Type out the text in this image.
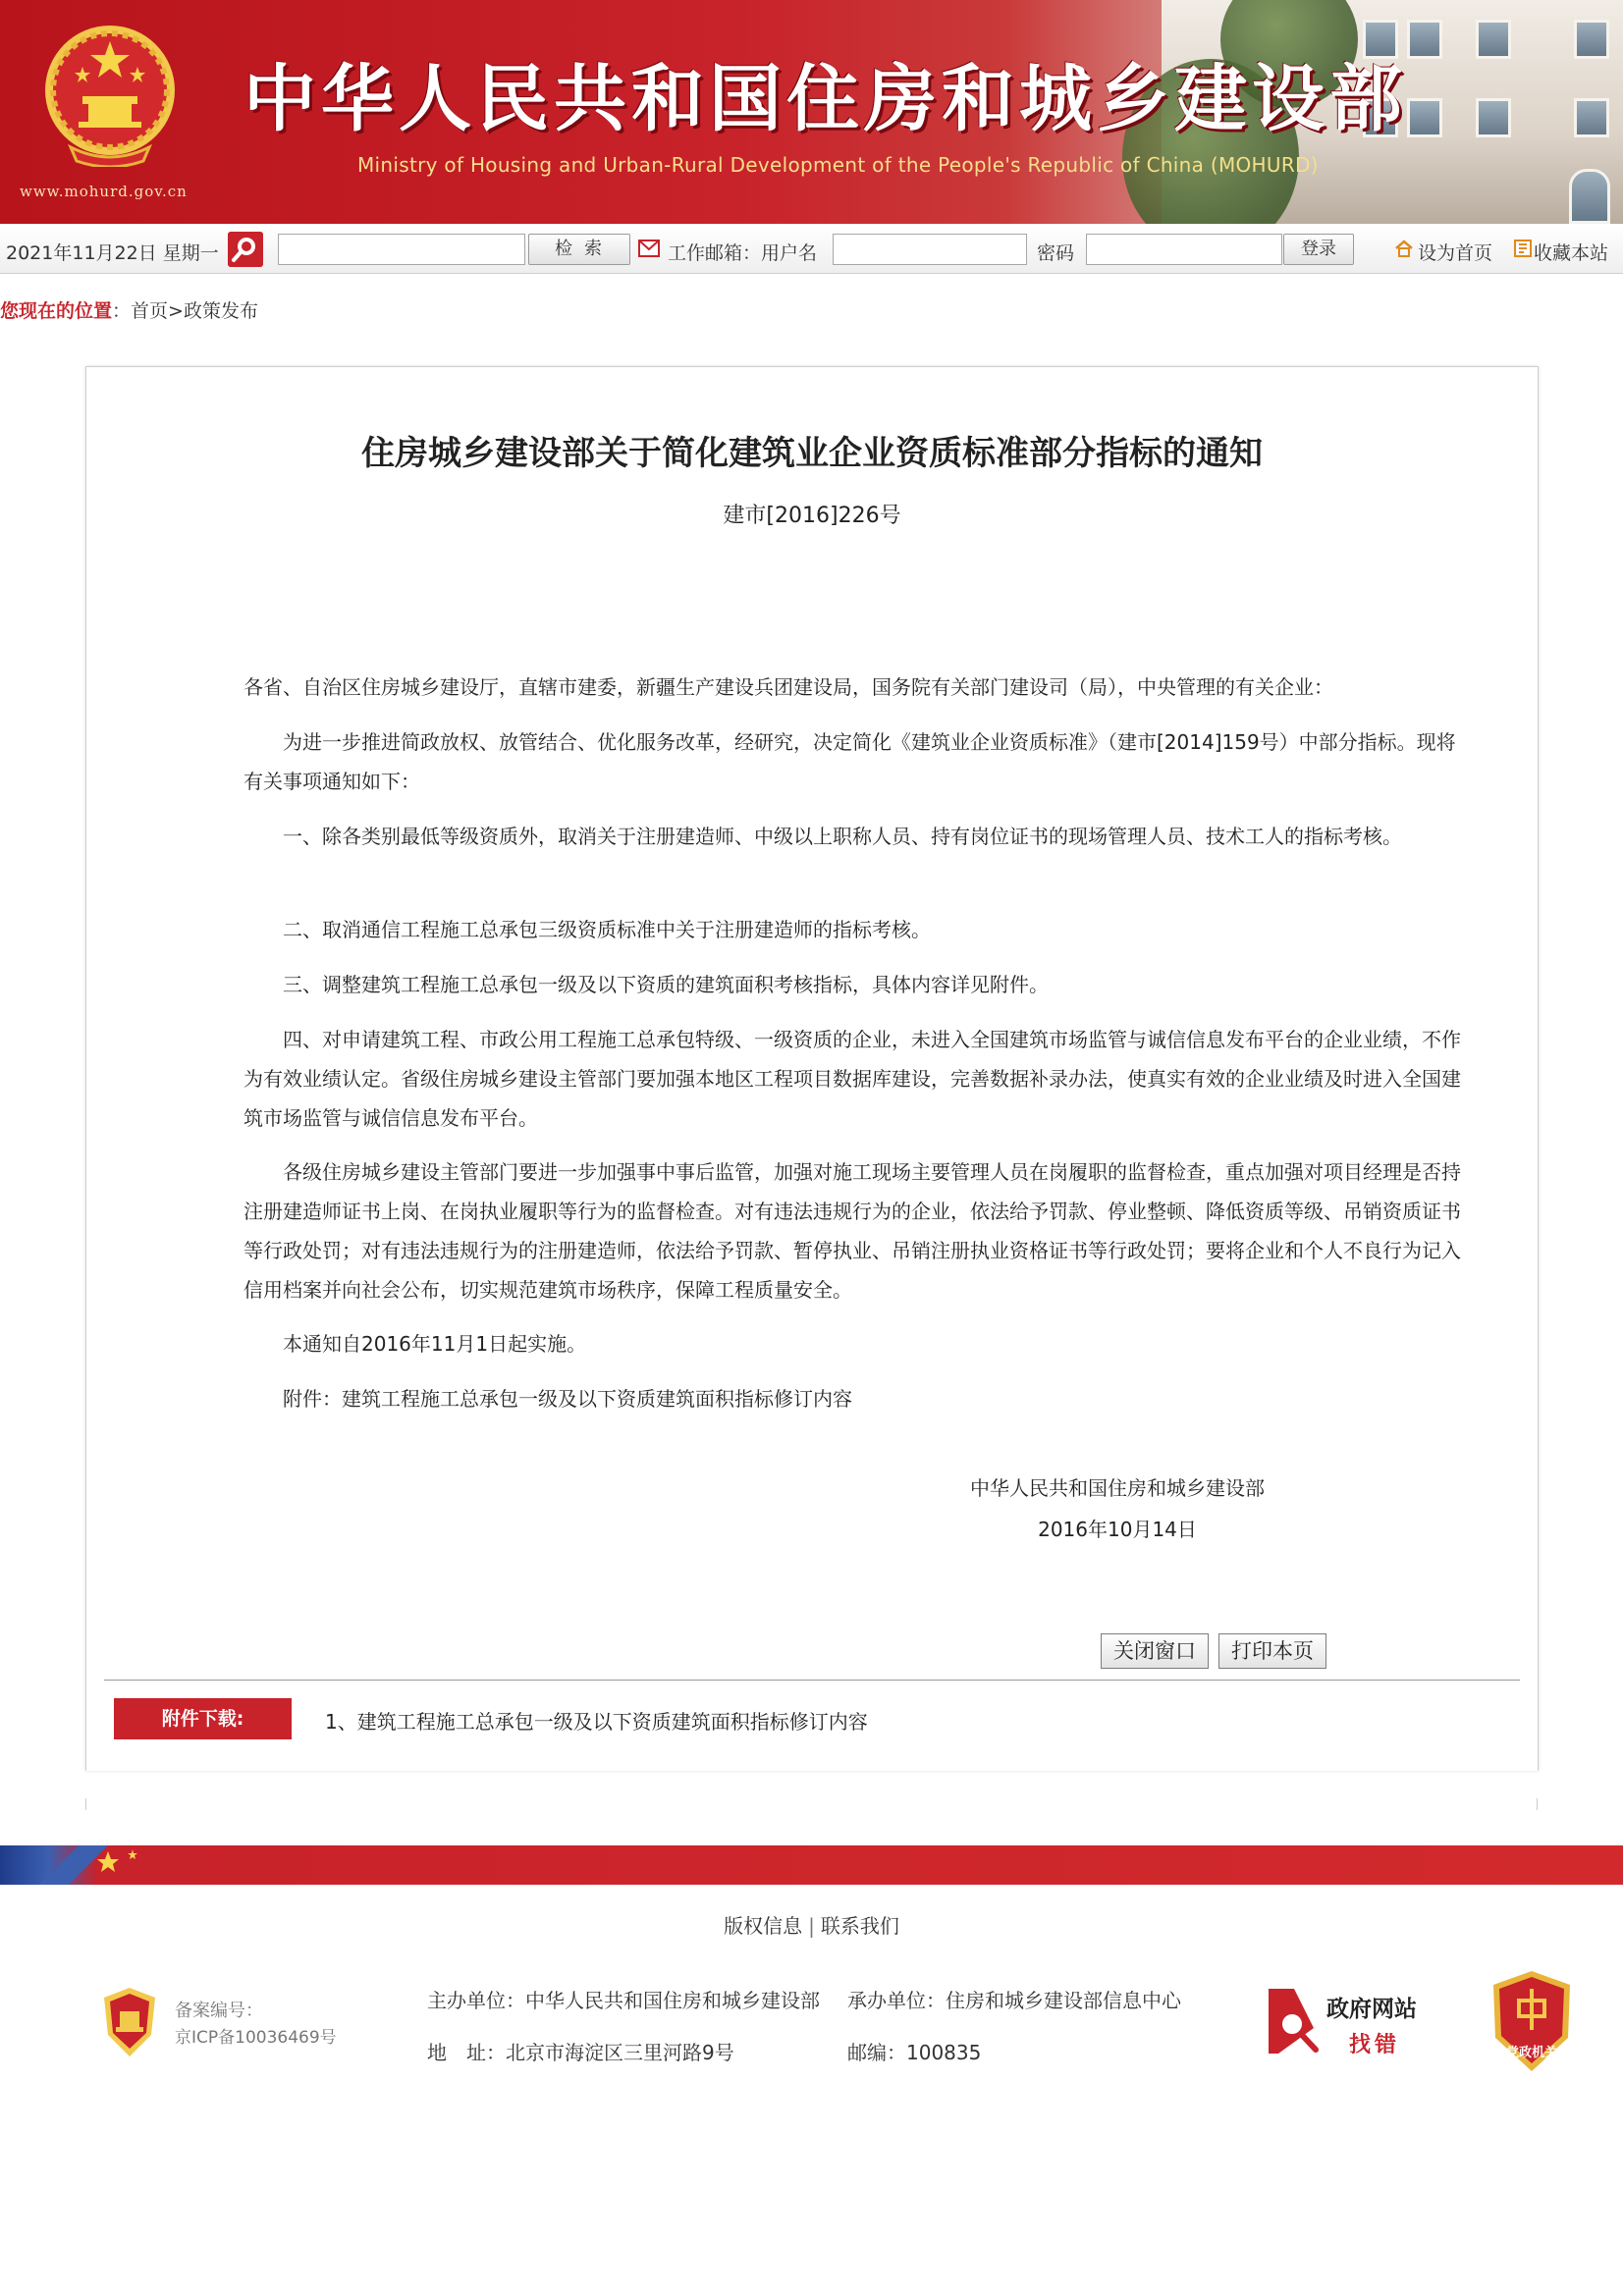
www.mohurd.gov.cn
中华人民共和国住房和城乡建设部
Ministry of Housing and Urban-Rural Development of the People's Republic of China (MOHURD)
2021年11月22日 星期一	检索	工作邮箱：用户名	密码	登录	设为首页 收藏本站
您现在的位置：首页>政策发布
住房城乡建设部关于简化建筑业企业资质标准部分指标的通知
建市[2016]226号

各省、自治区住房城乡建设厅，直辖市建委，新疆生产建设兵团建设局，国务院有关部门建设司（局），中央管理的有关企业：

为进一步推进简政放权、放管结合、优化服务改革，经研究，决定简化《建筑业企业资质标准》（建市[2014]159号）中部分指标。现将有关事项通知如下：

一、除各类别最低等级资质外，取消关于注册建造师、中级以上职称人员、持有岗位证书的现场管理人员、技术工人的指标考核。

二、取消通信工程施工总承包三级资质标准中关于注册建造师的指标考核。

三、调整建筑工程施工总承包一级及以下资质的建筑面积考核指标，具体内容详见附件。

四、对申请建筑工程、市政公用工程施工总承包特级、一级资质的企业，未进入全国建筑市场监管与诚信信息发布平台的企业业绩，不作为有效业绩认定。省级住房城乡建设主管部门要加强本地区工程项目数据库建设，完善数据补录办法，使真实有效的企业业绩及时进入全国建筑市场监管与诚信信息发布平台。

各级住房城乡建设主管部门要进一步加强事中事后监管，加强对施工现场主要管理人员在岗履职的监督检查，重点加强对项目经理是否持注册建造师证书上岗、在岗执业履职等行为的监督检查。对有违法违规行为的企业，依法给予罚款、停业整顿、降低资质等级、吊销资质证书等行政处罚；对有违法违规行为的注册建造师，依法给予罚款、暂停执业、吊销注册执业资格证书等行政处罚；要将企业和个人不良行为记入信用档案并向社会公布，切实规范建筑市场秩序，保障工程质量安全。

本通知自2016年11月1日起实施。

附件：建筑工程施工总承包一级及以下资质建筑面积指标修订内容

中华人民共和国住房和城乡建设部
2016年10月14日
关闭窗口 打印本页
附件下载:	1、建筑工程施工总承包一级及以下资质建筑面积指标修订内容
版权信息 | 联系我们
备案编号：
京ICP备10036469号
主办单位：中华人民共和国住房和城乡建设部 承办单位：住房和城乡建设部信息中心
地　址：北京市海淀区三里河路9号	邮编：100835
政府网站
找错	党政机关
